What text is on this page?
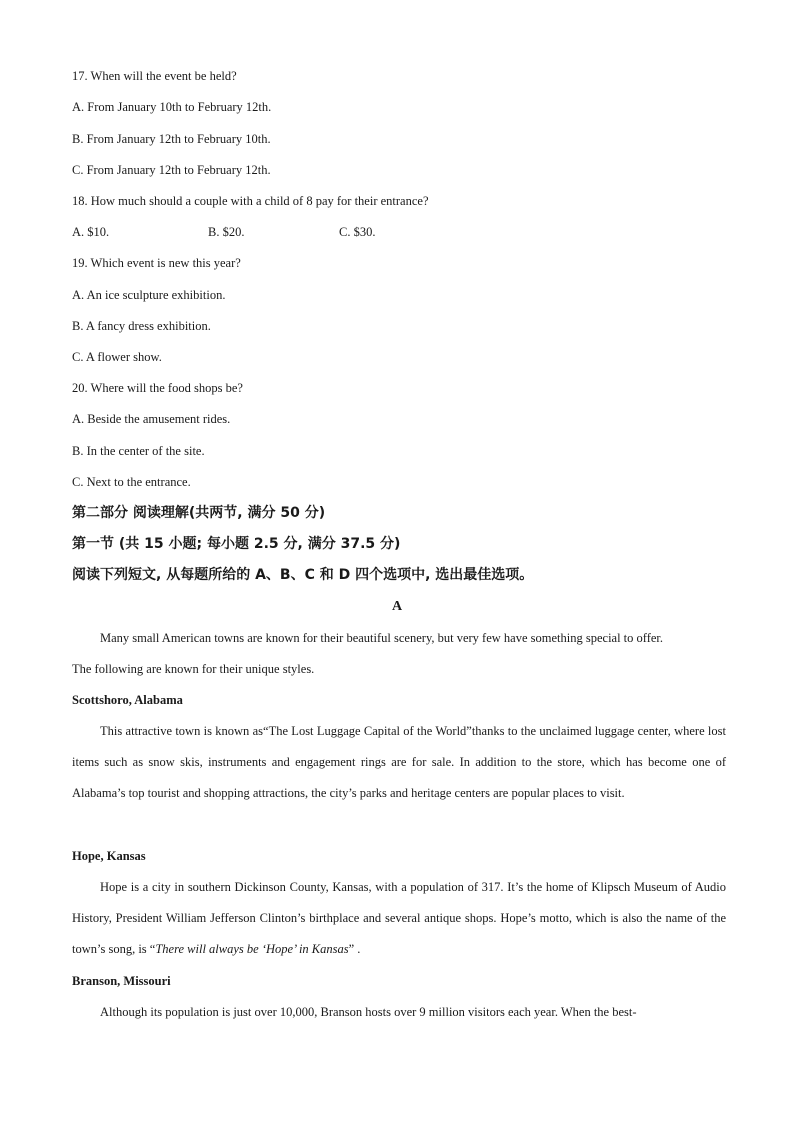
17. When will the event be held?

A. From January 10th to February 12th.

B. From January 12th to February 10th.

C. From January 12th to February 12th.

18. How much should a couple with a child of 8 pay for their entrance?

A. $10.	B. $20.	C. $30.

19. Which event is new this year?

A. An ice sculpture exhibition.

B. A fancy dress exhibition.

C. A flower show.

20. Where will the food shops be?

A. Beside the amusement rides.

B. In the center of the site.

C. Next to the entrance.

第二部分 阅读理解(共两节, 满分 50 分)

第一节 (共 15 小题; 每小题 2.5 分, 满分 37.5 分)

阅读下列短文, 从每题所给的 A、B、C 和 D 四个选项中, 选出最佳选项。

A

Many small American towns are known for their beautiful scenery, but very few have something special to offer.

The following are known for their unique styles.

Scottshoro, Alabama

This attractive town is known as“The Lost Luggage Capital of the World”thanks to the unclaimed luggage center, where lost items such as snow skis, instruments and engagement rings are for sale. In addition to the store, which has become one of Alabama’s top tourist and shopping attractions, the city’s parks and heritage centers are popular places to visit.

Hope, Kansas

Hope is a city in southern Dickinson County, Kansas, with a population of 317. It’s the home of Klipsch Museum of Audio History, President William Jefferson Clinton’s birthplace and several antique shops. Hope’s motto, which is also the name of the town’s song, is “There will always be ‘Hope’ in Kansas” .

Branson, Missouri

Although its population is just over 10,000, Branson hosts over 9 million visitors each year. When the best-
